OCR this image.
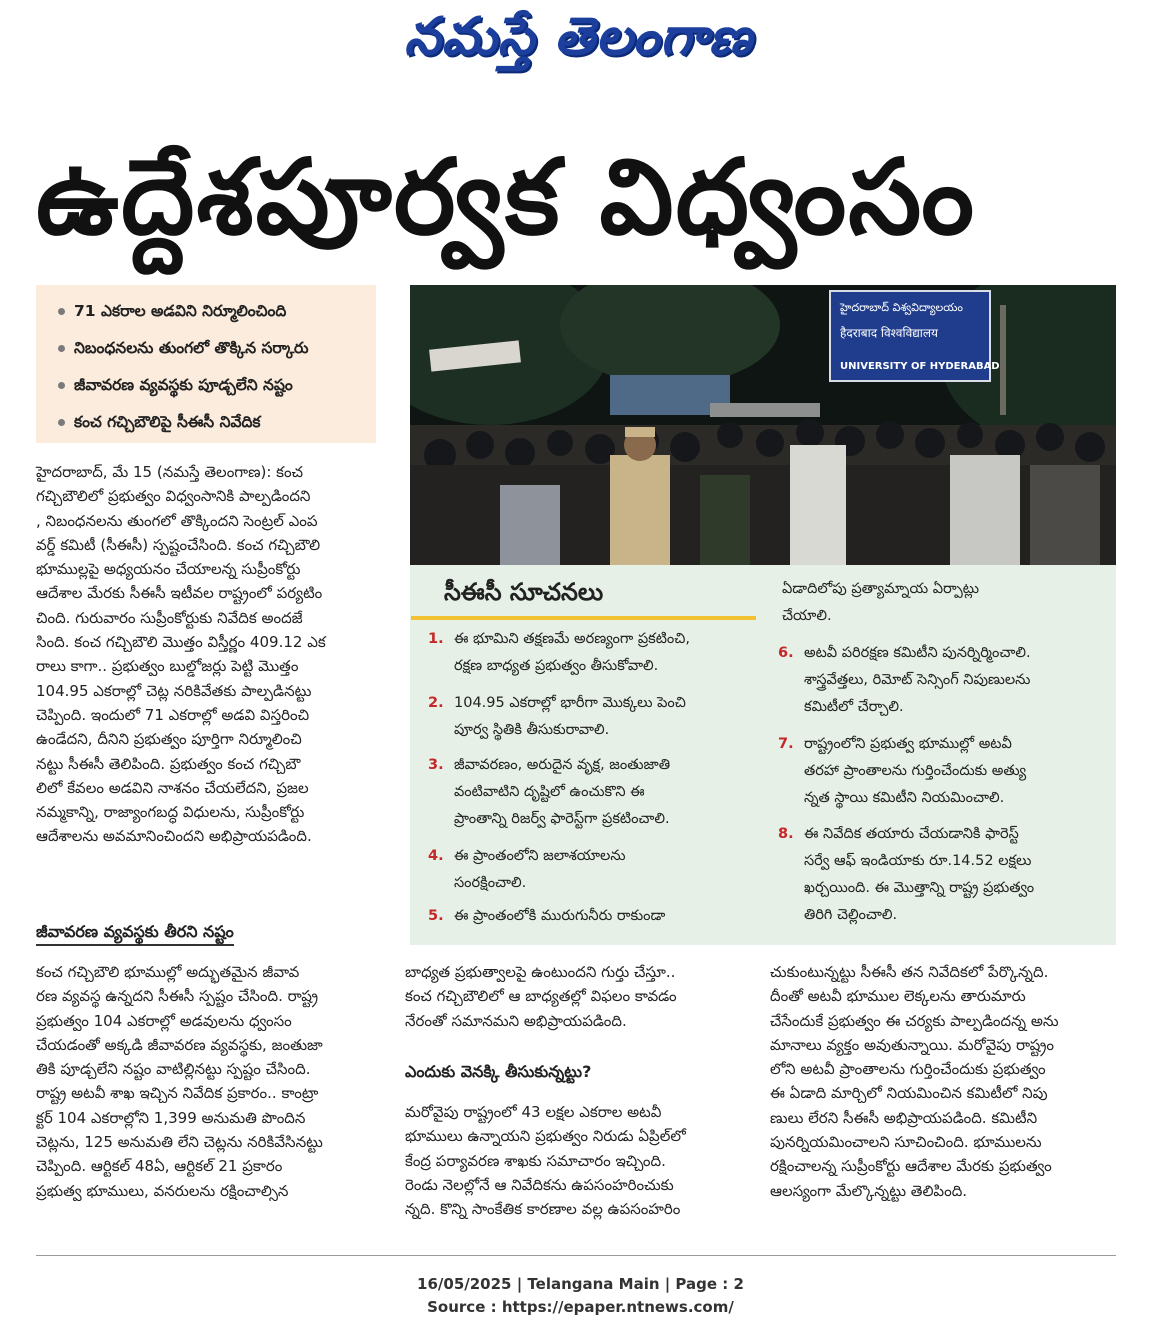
నమస్తే తెలంగాణ
ఉద్దేశపూర్వక విధ్వంసం
71 ఎకరాల అడవిని నిర్మూలించింది
నిబంధనలను తుంగలో తొక్కిన సర్కారు
జీవావరణ వ్యవస్థకు పూడ్చలేని నష్టం
కంచ గచ్చిబౌలిపై సీఈసీ నివేదిక
హైదరాబాద్ విశ్వవిద్యాలయం
हैदराबाद विश्वविद्यालय
UNIVERSITY OF HYDERABAD

హైదరాబాద్, మే 15 (నమస్తే తెలంగాణ): కంచ

గచ్చిబౌలిలో ప్రభుత్వం విధ్వంసానికి పాల్పడిందని

, నిబంధనలను తుంగలో తొక్కిందని సెంట్రల్ ఎంప

వర్డ్ కమిటీ (సీఈసీ) స్పష్టంచేసింది. కంచ గచ్చిబౌలి

భూముల్లపై అధ్యయనం చేయాలన్న సుప్రీంకోర్టు

ఆదేశాల మేరకు సీఈసీ ఇటీవల రాష్ట్రంలో పర్యటిం

చింది. గురువారం సుప్రీంకోర్టుకు నివేదిక అందజే

సింది. కంచ గచ్చిబౌలి మొత్తం విస్తీర్ణం 409.12 ఎక

రాలు కాగా.. ప్రభుత్వం బుల్డోజర్లు పెట్టి మొత్తం

104.95 ఎకరాల్లో చెట్ల నరికివేతకు పాల్పడినట్టు

చెప్పింది. ఇందులో 71 ఎకరాల్లో అడవి విస్తరించి

ఉండేదని, దీనిని ప్రభుత్వం పూర్తిగా నిర్మూలించి

నట్టు సీఈసీ తెలిపింది. ప్రభుత్వం కంచ గచ్చిబౌ

లిలో కేవలం అడవిని నాశనం చేయలేదని, ప్రజల

నమ్మకాన్ని, రాజ్యాంగబద్ధ విధులను, సుప్రీంకోర్టు

ఆదేశాలను అవమానించిందని అభిప్రాయపడింది.

జీవావరణ వ్యవస్థకు తీరని నష్టం

కంచ గచ్చిబౌలి భూముల్లో అద్భుతమైన జీవావ

రణ వ్యవస్థ ఉన్నదని సీఈసీ స్పష్టం చేసింది. రాష్ట్ర

ప్రభుత్వం 104 ఎకరాల్లో అడవులను ధ్వంసం

చేయడంతో అక్కడి జీవావరణ వ్యవస్థకు, జంతుజా

తికి పూడ్చలేని నష్టం వాటిల్లినట్టు స్పష్టం చేసింది.

రాష్ట్ర అటవీ శాఖ ఇచ్చిన నివేదిక ప్రకారం.. కాంట్రా

క్టర్ 104 ఎకరాల్లోని 1,399 అనుమతి పొందిన

చెట్లను, 125 అనుమతి లేని చెట్లను నరికివేసినట్టు

చెప్పింది. ఆర్టికల్ 48ఏ, ఆర్టికల్ 21 ప్రకారం

ప్రభుత్వ భూములు, వనరులను రక్షించాల్సిన

సీఈసీ సూచనలు
1. ఈ భూమిని తక్షణమే అరణ్యంగా ప్రకటించి,
రక్షణ బాధ్యత ప్రభుత్వం తీసుకోవాలి.
2. 104.95 ఎకరాల్లో భారీగా మొక్కలు పెంచి
పూర్వ స్థితికి తీసుకురావాలి.
3. జీవావరణం, అరుదైన వృక్ష, జంతుజాతి
వంటివాటిని దృష్టిలో ఉంచుకొని ఈ
ప్రాంతాన్ని రిజర్వ్ ఫారెస్ట్‌గా ప్రకటించాలి.
4. ఈ ప్రాంతంలోని జలాశయాలను
సంరక్షించాలి.
5. ఈ ప్రాంతంలోకి మురుగునీరు రాకుండా
ఏడాదిలోపు ప్రత్యామ్నాయ ఏర్పాట్లు
చేయాలి.
6. అటవీ పరిరక్షణ కమిటీని పునర్నిర్మించాలి.
శాస్త్రవేత్తలు, రిమోట్ సెన్సింగ్ నిపుణులను
కమిటీలో చేర్చాలి.
7. రాష్ట్రంలోని ప్రభుత్వ భూముల్లో అటవీ
తరహా ప్రాంతాలను గుర్తించేందుకు అత్యు
న్నత స్థాయి కమిటీని నియమించాలి.
8. ఈ నివేదిక తయారు చేయడానికి ఫారెస్ట్
సర్వే ఆఫ్ ఇండియాకు రూ.14.52 లక్షలు
ఖర్చయింది. ఈ మొత్తాన్ని రాష్ట్ర ప్రభుత్వం
తిరిగి చెల్లించాలి.

బాధ్యత ప్రభుత్వాలపై ఉంటుందని గుర్తు చేస్తూ..

కంచ గచ్చిబౌలిలో ఆ బాధ్యతల్లో విఫలం కావడం

నేరంతో సమానమని అభిప్రాయపడింది.

ఎందుకు వెనక్కి తీసుకున్నట్టు?

మరోవైపు రాష్ట్రంలో 43 లక్షల ఎకరాల అటవీ

భూములు ఉన్నాయని ప్రభుత్వం నిరుడు ఏప్రిల్‌లో

కేంద్ర పర్యావరణ శాఖకు సమాచారం ఇచ్చింది.

రెండు నెలల్లోనే ఆ నివేదికను ఉపసంహరించుకు

న్నది. కొన్ని సాంకేతిక కారణాల వల్ల ఉపసంహరిం

చుకుంటున్నట్టు సీఈసీ తన నివేదికలో పేర్కొన్నది.

దీంతో అటవీ భూముల లెక్కలను తారుమారు

చేసేందుకే ప్రభుత్వం ఈ చర్యకు పాల్పడిందన్న అను

మానాలు వ్యక్తం అవుతున్నాయి. మరోవైపు రాష్ట్రం

లోని అటవీ ప్రాంతాలను గుర్తించేందుకు ప్రభుత్వం

ఈ ఏడాది మార్చిలో నియమించిన కమిటీలో నిపు

ణులు లేరని సీఈసీ అభిప్రాయపడింది. కమిటీని

పునర్నియమించాలని సూచించింది. భూములను

రక్షించాలన్న సుప్రీంకోర్టు ఆదేశాల మేరకు ప్రభుత్వం

ఆలస్యంగా మేల్కొన్నట్టు తెలిపింది.

16/05/2025 | Telangana Main | Page : 2
Source : https://epaper.ntnews.com/
